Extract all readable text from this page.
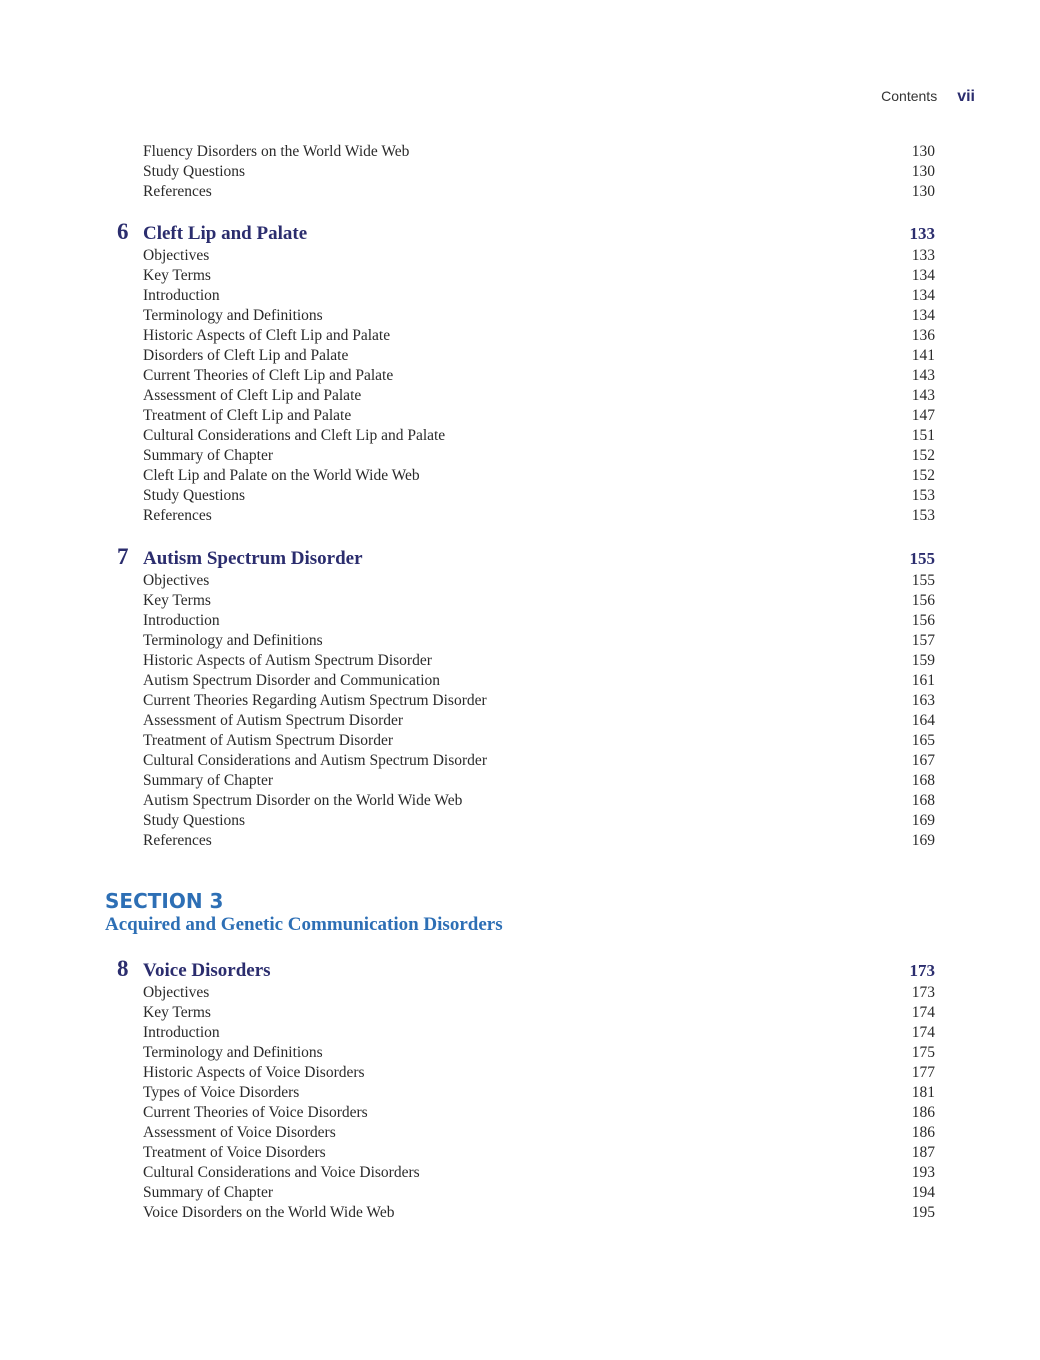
Contents vii
Fluency Disorders on the World Wide Web	130
Study Questions	130
References	130
6 Cleft Lip and Palate	133
Objectives	133
Key Terms	134
Introduction	134
Terminology and Definitions	134
Historic Aspects of Cleft Lip and Palate	136
Disorders of Cleft Lip and Palate	141
Current Theories of Cleft Lip and Palate	143
Assessment of Cleft Lip and Palate	143
Treatment of Cleft Lip and Palate	147
Cultural Considerations and Cleft Lip and Palate	151
Summary of Chapter	152
Cleft Lip and Palate on the World Wide Web	152
Study Questions	153
References	153
7 Autism Spectrum Disorder	155
Objectives	155
Key Terms	156
Introduction	156
Terminology and Definitions	157
Historic Aspects of Autism Spectrum Disorder	159
Autism Spectrum Disorder and Communication	161
Current Theories Regarding Autism Spectrum Disorder	163
Assessment of Autism Spectrum Disorder	164
Treatment of Autism Spectrum Disorder	165
Cultural Considerations and Autism Spectrum Disorder	167
Summary of Chapter	168
Autism Spectrum Disorder on the World Wide Web	168
Study Questions	169
References	169
SECTION 3
Acquired and Genetic Communication Disorders
8 Voice Disorders	173
Objectives	173
Key Terms	174
Introduction	174
Terminology and Definitions	175
Historic Aspects of Voice Disorders	177
Types of Voice Disorders	181
Current Theories of Voice Disorders	186
Assessment of Voice Disorders	186
Treatment of Voice Disorders	187
Cultural Considerations and Voice Disorders	193
Summary of Chapter	194
Voice Disorders on the World Wide Web	195
